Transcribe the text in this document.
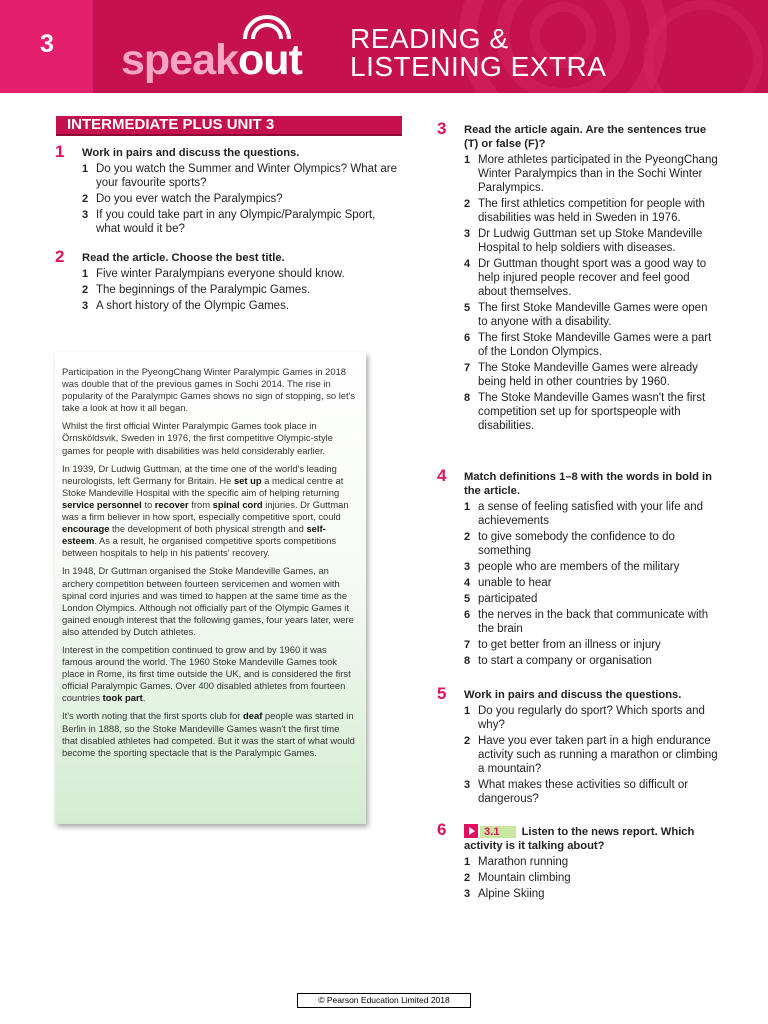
3	speakout READING &
LISTENING EXTRA
INTERMEDIATE PLUS UNIT 3
1 Work in pairs and discuss the questions.
1 Do you watch the Summer and Winter Olympics? What are your favourite sports?
2 Do you ever watch the Paralympics?
3 If you could take part in any Olympic/Paralympic Sport, what would it be?
2 Read the article. Choose the best title.
1 Five winter Paralympians everyone should know.
2 The beginnings of the Paralympic Games.
3 A short history of the Olympic Games.

Participation in the PyeongChang Winter Paralympic Games in 2018 was double that of the previous games in Sochi 2014. The rise in popularity of the Paralympic Games shows no sign of stopping, so let's take a look at how it all began.

Whilst the first official Winter Paralympic Games took place in Örnsköldsvik, Sweden in 1976, the first competitive Olympic-style games for people with disabilities was held considerably earlier.

In 1939, Dr Ludwig Guttman, at the time one of the world's leading neurologists, left Germany for Britain. He set up a medical centre at Stoke Mandeville Hospital with the specific aim of helping returning service personnel to recover from spinal cord injuries. Dr Guttman was a firm believer in how sport, especially competitive sport, could encourage the development of both physical strength and self-esteem. As a result, he organised competitive sports competitions between hospitals to help in his patients' recovery.

In 1948, Dr Guttman organised the Stoke Mandeville Games, an archery competition between fourteen servicemen and women with spinal cord injuries and was timed to happen at the same time as the London Olympics. Although not officially part of the Olympic Games it gained enough interest that the following games, four years later, were also attended by Dutch athletes.

Interest in the competition continued to grow and by 1960 it was famous around the world. The 1960 Stoke Mandeville Games took place in Rome, its first time outside the UK, and is considered the first official Paralympic Games. Over 400 disabled athletes from fourteen countries took part.

It's worth noting that the first sports club for deaf people was started in Berlin in 1888, so the Stoke Mandeville Games wasn't the first time that disabled athletes had competed. But it was the start of what would become the sporting spectacle that is the Paralympic Games.

3 Read the article again. Are the sentences true (T) or false (F)?
1 More athletes participated in the PyeongChang Winter Paralympics than in the Sochi Winter Paralympics.
2 The first athletics competition for people with disabilities was held in Sweden in 1976.
3 Dr Ludwig Guttman set up Stoke Mandeville Hospital to help soldiers with diseases.
4 Dr Guttman thought sport was a good way to help injured people recover and feel good about themselves.
5 The first Stoke Mandeville Games were open to anyone with a disability.
6 The first Stoke Mandeville Games were a part of the London Olympics.
7 The Stoke Mandeville Games were already being held in other countries by 1960.
8 The Stoke Mandeville Games wasn't the first competition set up for sportspeople with disabilities.
4 Match definitions 1–8 with the words in bold in the article.
1 a sense of feeling satisfied with your life and achievements
2 to give somebody the confidence to do something
3 people who are members of the military
4 unable to hear
5 participated
6 the nerves in the back that communicate with the brain
7 to get better from an illness or injury
8 to start a company or organisation
5 Work in pairs and discuss the questions.
1 Do you regularly do sport? Which sports and why?
2 Have you ever taken part in a high endurance activity such as running a marathon or climbing a mountain?
3 What makes these activities so difficult or dangerous?
6	3.1 Listen to the news report. Which activity is it talking about?
1 Marathon running
2 Mountain climbing
3 Alpine Skiing
© Pearson Education Limited 2018
